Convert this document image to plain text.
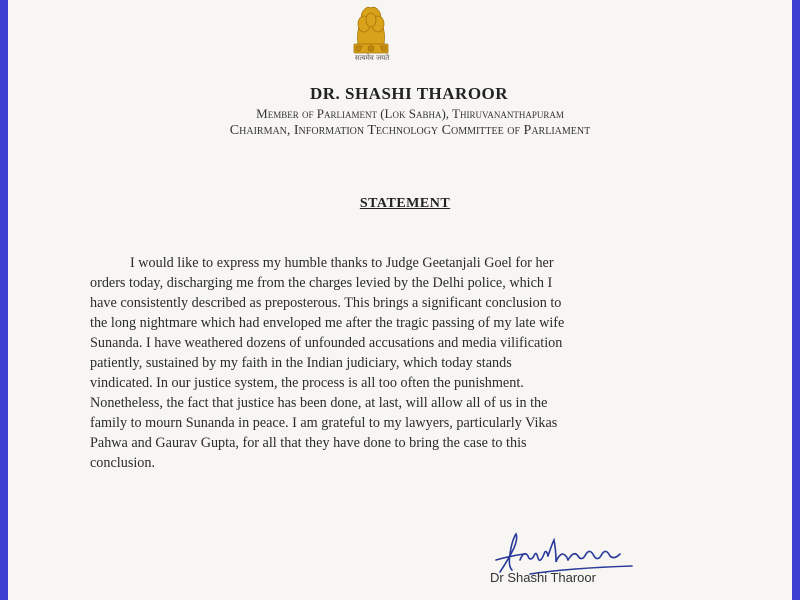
सत्यमेव जयते
DR. SHASHI THAROOR
Member of Parliament (Lok Sabha), Thiruvananthapuram
Chairman, Information Technology Committee of Parliament
STATEMENT
I would like to express my humble thanks to Judge Geetanjali Goel for her
orders today, discharging me from the charges levied by the Delhi police, which I
have consistently described as preposterous. This brings a significant conclusion to
the long nightmare which had enveloped me after the tragic passing of my late wife
Sunanda. I have weathered dozens of unfounded accusations and media vilification
patiently, sustained by my faith in the Indian judiciary, which today stands
vindicated. In our justice system, the process is all too often the punishment.
Nonetheless, the fact that justice has been done, at last, will allow all of us in the
family to mourn Sunanda in peace. I am grateful to my lawyers, particularly Vikas
Pahwa and Gaurav Gupta, for all that they have done to bring the case to this
conclusion.
Dr Shashi Tharoor
